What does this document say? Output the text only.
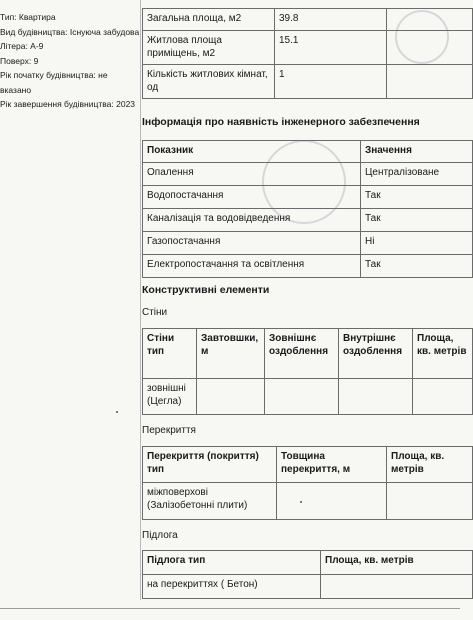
Тип: Квартира
Вид будівництва: Існуюча забудова
Літера: А-9
Поверх: 9
Рік початку будівництва: не
вказано
Рік завершення будівництва: 2023
Загальна площа, м2	39.8	
Житлова площа приміщень, м2	15.1	
Кількість житлових кімнат, од	1	
Інформація про наявність інженерного забезпечення
Показник	Значення
Опалення	Централізоване
Водопостачання	Так
Каналізація та водовідведення	Так
Газопостачання	Ні
Електропостачання та освітлення	Так
Конструктивні елементи
Стіни
Стіни тип	Завтовшки, м	Зовнішнє оздоблення	Внутрішнє оздоблення	Площа, кв. метрів
зовнішні (Цегла)				
Перекриття
Перекриття (покриття) тип	Товщина перекриття, м	Площа, кв. метрів
міжповерхові (Залізобетонні плити)		
Підлога
Підлога тип	Площа, кв. метрів
на перекриттях ( Бетон)	
